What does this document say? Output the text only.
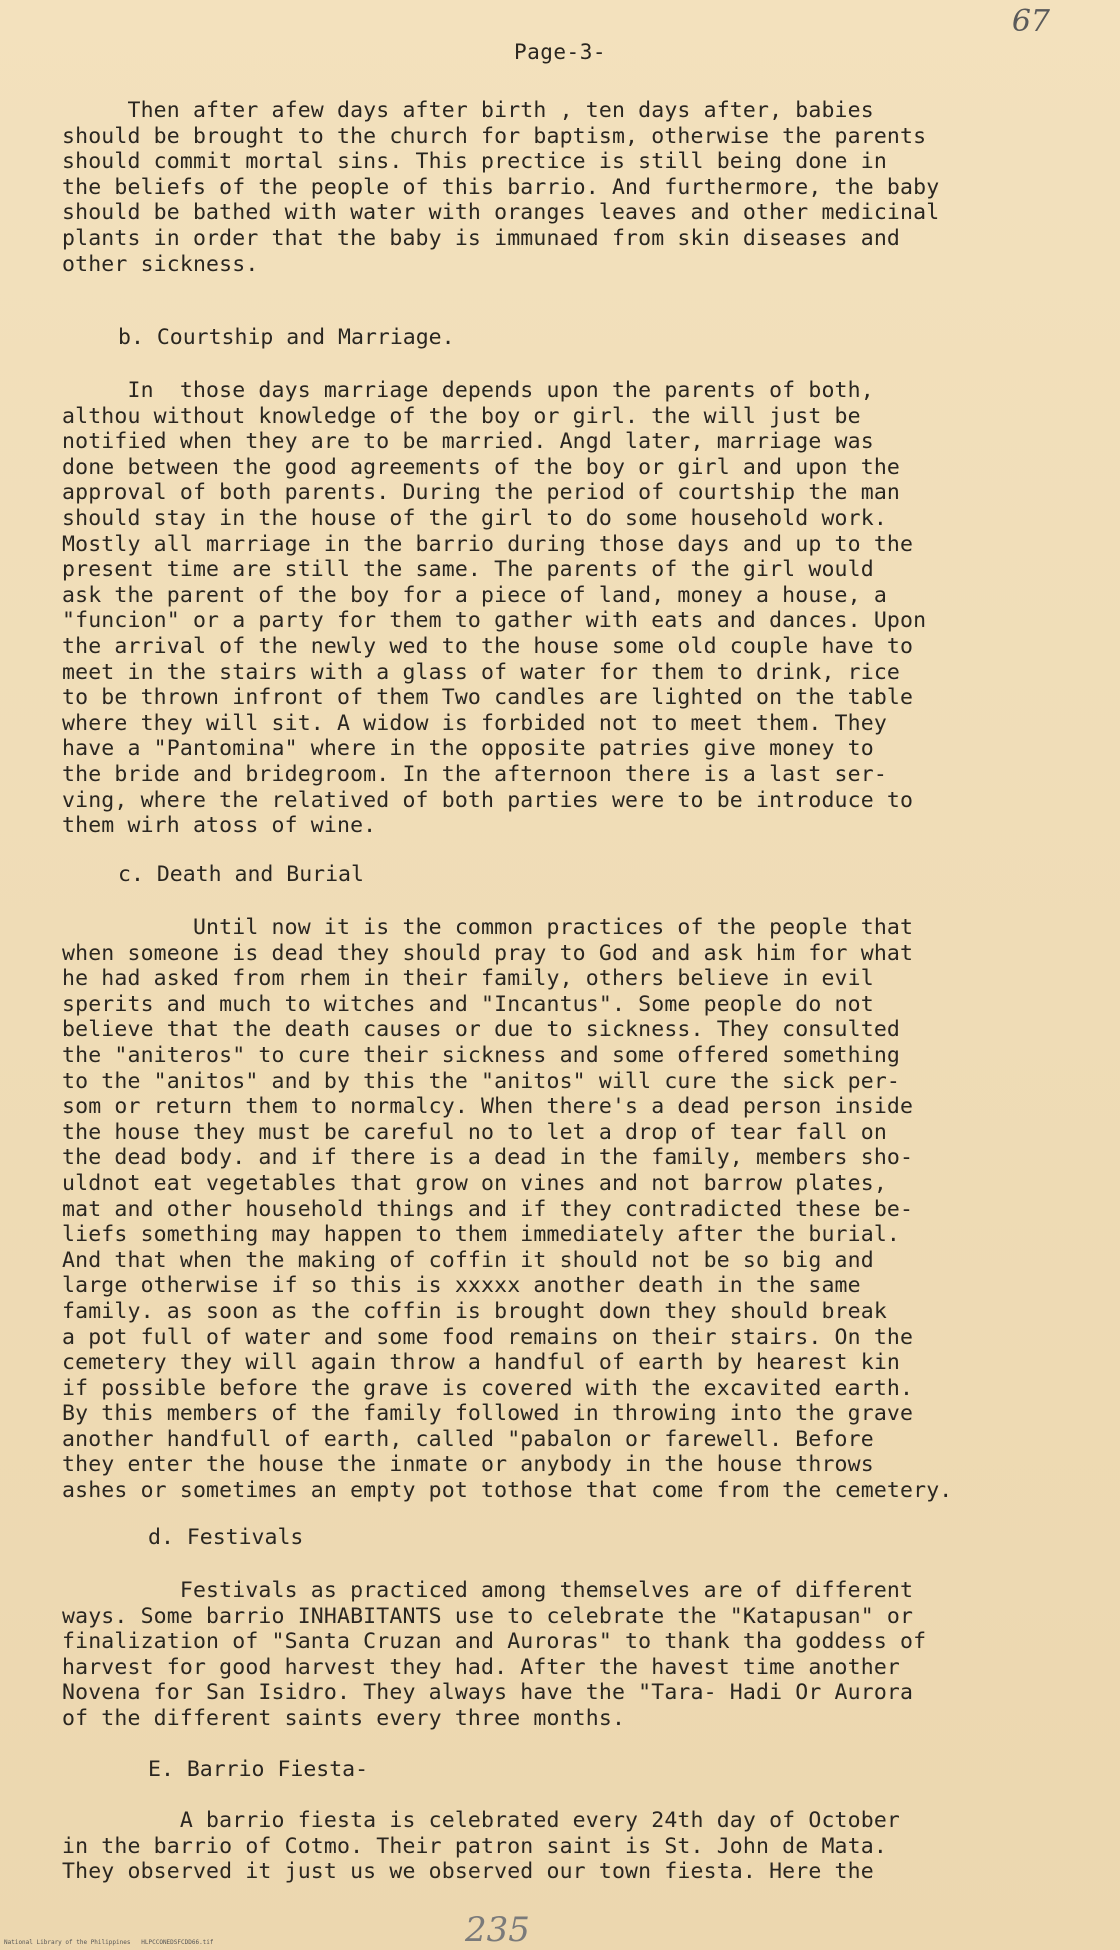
67
Page-3-
Then after afew days after birth , ten days after, babies
should be brought to the church for baptism, otherwise the parents
should commit mortal sins. This prectice is still being done in
the beliefs of the people of this barrio. And furthermore, the baby
should be bathed with water with oranges leaves and other medicinal
plants in order that the baby is immunaed from skin diseases and
other sickness.
b. Courtship and Marriage.
In  those days marriage depends upon the parents of both,
althou without knowledge of the boy or girl. the will just be
notified when they are to be married. Angd later, marriage was
done between the good agreements of the boy or girl and upon the
approval of both parents. During the period of courtship the man
should stay in the house of the girl to do some household work.
Mostly all marriage in the barrio during those days and up to the
present time are still the same. The parents of the girl would
ask the parent of the boy for a piece of land, money a house, a
"funcion" or a party for them to gather with eats and dances. Upon
the arrival of the newly wed to the house some old couple have to
meet in the stairs with a glass of water for them to drink, rice
to be thrown infront of them Two candles are lighted on the table
where they will sit. A widow is forbided not to meet them. They
have a "Pantomina" where in the opposite patries give money to
the bride and bridegroom. In the afternoon there is a last ser-
ving, where the relatived of both parties were to be introduce to
them wirh atoss of wine.
c. Death and Burial
Until now it is the common practices of the people that
when someone is dead they should pray to God and ask him for what
he had asked from rhem in their family, others believe in evil
sperits and much to witches and "Incantus". Some people do not
believe that the death causes or due to sickness. They consulted
the "aniteros" to cure their sickness and some offered something
to the "anitos" and by this the "anitos" will cure the sick per-
som or return them to normalcy. When there's a dead person inside
the house they must be careful no to let a drop of tear fall on
the dead body. and if there is a dead in the family, members sho-
uldnot eat vegetables that grow on vines and not barrow plates,
mat and other household things and if they contradicted these be-
liefs something may happen to them immediately after the burial.
And that when the making of coffin it should not be so big and
large otherwise if so this is xxxxx another death in the same
family. as soon as the coffin is brought down they should break
a pot full of water and some food remains on their stairs. On the
cemetery they will again throw a handful of earth by hearest kin
if possible before the grave is covered with the excavited earth.
By this members of the family followed in throwing into the grave
another handfull of earth, called "pabalon or farewell. Before
they enter the house the inmate or anybody in the house throws
ashes or sometimes an empty pot tothose that come from the cemetery.
d. Festivals
Festivals as practiced among themselves are of different
ways. Some barrio INHABITANTS use to celebrate the "Katapusan" or
finalization of "Santa Cruzan and Auroras" to thank tha goddess of
harvest for good harvest they had. After the havest time another
Novena for San Isidro. They always have the "Tara- Hadi Or Aurora
of the different saints every three months.
E. Barrio Fiesta-
A barrio fiesta is celebrated every 24th day of October
in the barrio of Cotmo. Their patron saint is St. John de Mata.
They observed it just us we observed our town fiesta. Here the
National Library of the Philippines   HLPCCONEDSFCDD66.tif	235
